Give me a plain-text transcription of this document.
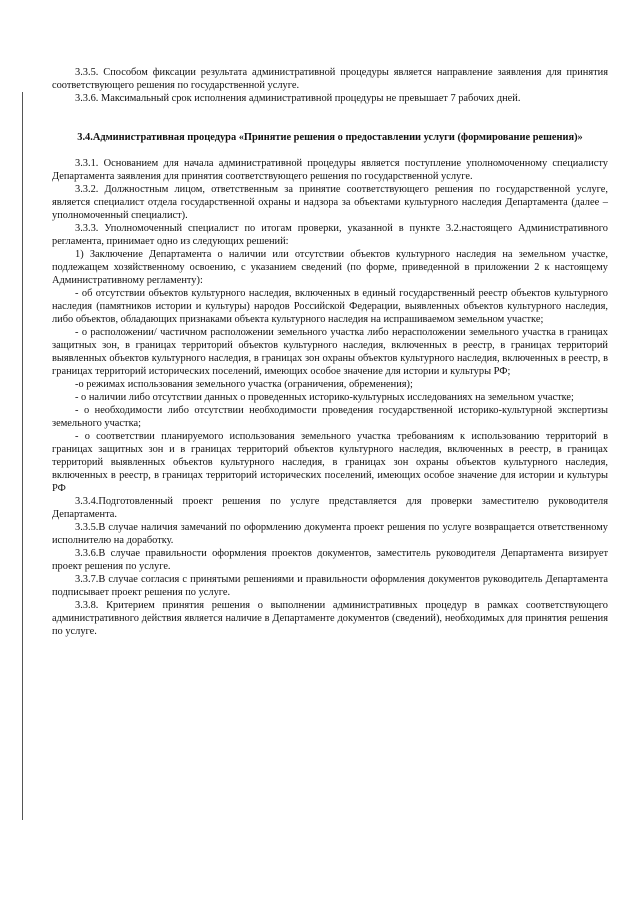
3.3.5. Способом фиксации результата административной процедуры является направление заявления для принятия соответствующего решения по государственной услуге.

3.3.6. Максимальный срок исполнения административной процедуры не превышает 7 рабочих дней.

3.4.Административная процедура «Принятие решения о предоставлении услуги (формирование решения)»

3.3.1. Основанием для начала административной процедуры является поступление уполномоченному специалисту Департамента заявления для принятия соответствующего решения по государственной услуге.

3.3.2. Должностным лицом, ответственным за принятие соответствующего решения по государственной услуге, является специалист отдела государственной охраны и надзора за объектами культурного наследия Департамента (далее –уполномоченный специалист).

3.3.3. Уполномоченный специалист по итогам проверки, указанной в пункте 3.2.настоящего Административного регламента, принимает одно из следующих решений:

1) Заключение Департамента о наличии или отсутствии объектов культурного наследия на земельном участке, подлежащем хозяйственному освоению, с указанием сведений (по форме, приведенной в приложении 2 к настоящему Административному регламенту):

- об отсутствии объектов культурного наследия, включенных в единый государственный реестр объектов культурного наследия (памятников истории и культуры) народов Российской Федерации, выявленных объектов культурного наследия, либо объектов, обладающих признаками объекта культурного наследия на испрашиваемом земельном участке;

- о расположении/ частичном расположении земельного участка либо нерасположении земельного участка в границах защитных зон, в границах территорий объектов культурного наследия, включенных в реестр, в границах территорий выявленных объектов культурного наследия, в границах зон охраны объектов культурного наследия, включенных в реестр, в границах территорий исторических поселений, имеющих особое значение для истории и культуры РФ;

-о режимах использования земельного участка (ограничения, обременения);

- о наличии либо отсутствии данных о проведенных историко-культурных исследованиях на земельном участке;

- о необходимости либо отсутствии необходимости проведения государственной историко-культурной экспертизы земельного участка;

- о соответствии планируемого использования земельного участка требованиям к использованию территорий в границах защитных зон и в границах территорий объектов культурного наследия, включенных в реестр, в границах территорий выявленных объектов культурного наследия, в границах зон охраны объектов культурного наследия, включенных в реестр, в границах территорий исторических поселений, имеющих особое значение для истории и культуры РФ

3.3.4.Подготовленный проект решения по услуге представляется для проверки заместителю руководителя Департамента.

3.3.5.В случае наличия замечаний по оформлению документа проект решения по услуге возвращается ответственному исполнителю на доработку.

3.3.6.В случае правильности оформления проектов документов, заместитель руководителя Департамента визирует проект решения по услуге.

3.3.7.В случае согласия с принятыми решениями и правильности оформления документов руководитель Департамента подписывает проект решения по услуге.

3.3.8. Критерием принятия решения о выполнении административных процедур в рамках соответствующего административного действия является наличие в Департаменте документов (сведений), необходимых для принятия решения по услуге.
